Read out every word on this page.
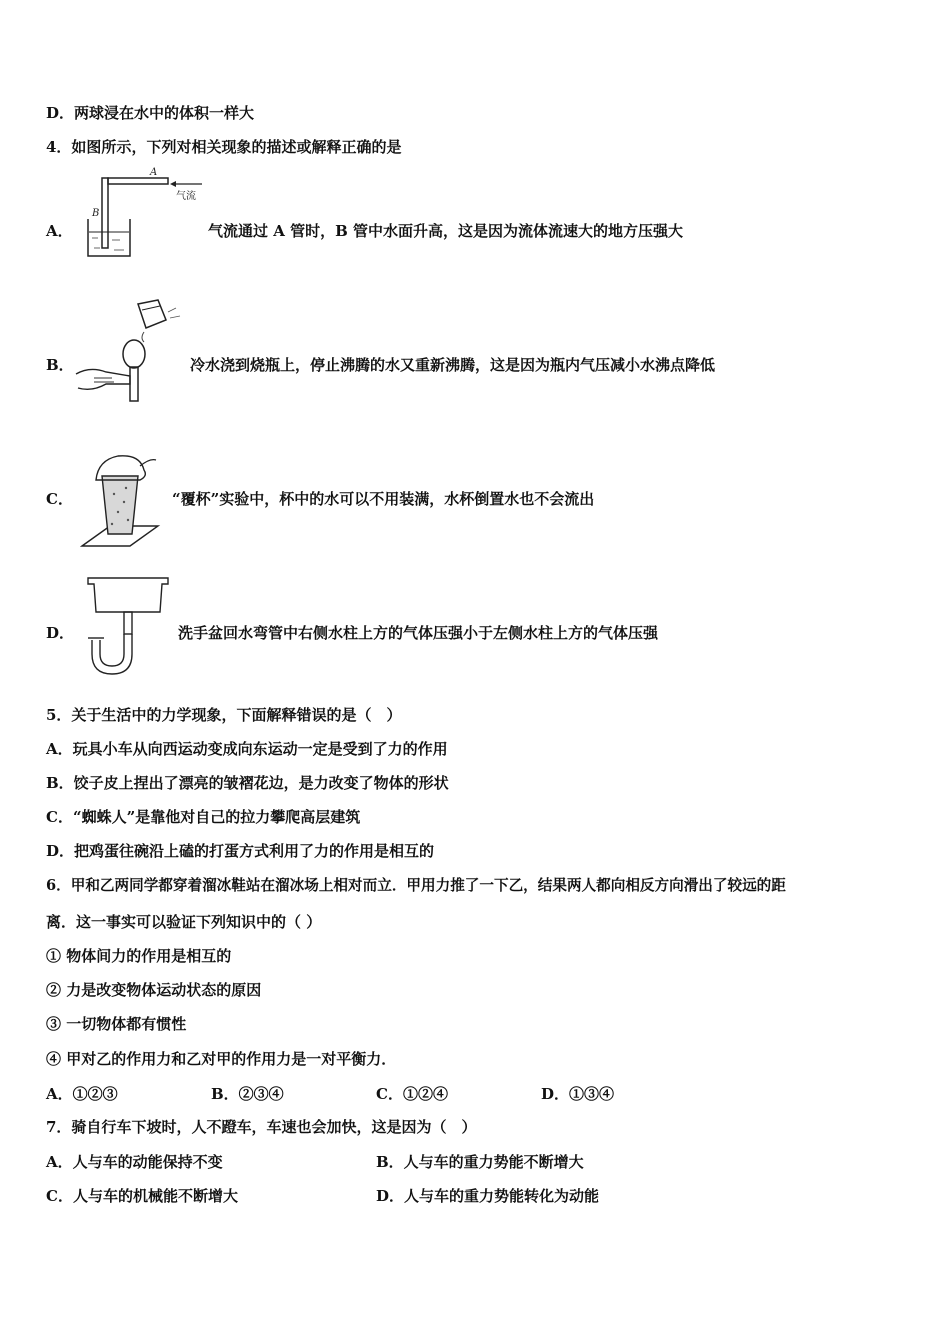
D．两球浸在水中的体积一样大
4．如图所示，下列对相关现象的描述或解释正确的是
A．
A
B
气流
气流通过 A 管时，B 管中水面升高，这是因为流体流速大的地方压强大
B．	冷水浇到烧瓶上，停止沸腾的水又重新沸腾，这是因为瓶内气压减小水沸点降低
C．	“覆杯”实验中，杯中的水可以不用装满，水杯倒置水也不会流出
D．	洗手盆回水弯管中右侧水柱上方的气体压强小于左侧水柱上方的气体压强
5．关于生活中的力学现象，下面解释错误的是（　）
A．玩具小车从向西运动变成向东运动一定是受到了力的作用
B．饺子皮上捏出了漂亮的皱褶花边，是力改变了物体的形状
C．“蜘蛛人”是靠他对自己的拉力攀爬高层建筑
D．把鸡蛋往碗沿上磕的打蛋方式利用了力的作用是相互的
6．甲和乙两同学都穿着溜冰鞋站在溜冰场上相对而立．甲用力推了一下乙，结果两人都向相反方向滑出了较远的距
离．这一事实可以验证下列知识中的（ ）
① 物体间力的作用是相互的
② 力是改变物体运动状态的原因
③ 一切物体都有惯性
④ 甲对乙的作用力和乙对甲的作用力是一对平衡力．
A．①②③	B．②③④	C．①②④	D．①③④
7．骑自行车下坡时，人不蹬车，车速也会加快，这是因为（　）
A．人与车的动能保持不变	B．人与车的重力势能不断增大
C．人与车的机械能不断增大	D．人与车的重力势能转化为动能
